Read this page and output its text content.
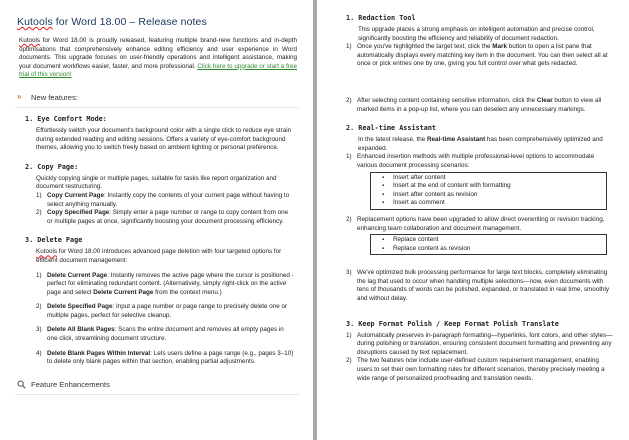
Kutools for Word 18.00 – Release notes

Kutools for Word 18.00 is proudly released, featuring multiple brand-new functions and in-depth optimisations that comprehensively enhance editing efficiency and user experience in Word documents. This upgrade focuses on user-friendly operations and intelligent assistance, making your document workflows easier, faster, and more professional. Click here to upgrade or start a free trial of this version!

»	New features:
1. Eye Comfort Mode:

Effortlessly switch your document's background color with a single click to reduce eye strain during extended reading and editing sessions. Offers a variety of eye-comfort background themes, allowing you to switch freely based on ambient lighting or personal preference.

2. Copy Page:

Quickly copying single or multiple pages, suitable for tasks like report organization and document restructuring.

1) Copy Current Page: Instantly copy the contents of your current page without having to select anything manually.
2) Copy Specified Page: Simply enter a page number or range to copy content from one or multiple pages at once, significantly boosting your document processing efficiency.
3. Delete Page

Kutools for Word 18.00 introduces advanced page deletion with four targeted options for efficient document management:

1) Delete Current Page: Instantly removes the active page where the cursor is positioned - perfect for eliminating redundant content. (Alternatively, simply right-click on the active page and select Delete Current Page from the context menu.)
2) Delete Specified Page: Input a page number or page range to precisely delete one or multiple pages, perfect for selective cleanup.
3) Delete All Blank Pages: Scans the entire document and removes all empty pages in one click, streamlining document structure.
4) Delete Blank Pages Within Interval: Lets users define a page range (e.g., pages 3–10) to delete only blank pages within that section, enabling partial adjustments.
Feature Enhancements
1. Redaction Tool

This upgrade places a strong emphasis on intelligent automation and precise control, significantly boosting the efficiency and reliability of document redaction.

1) Once you've highlighted the target text, click the Mark button to open a list pane that automatically displays every matching key item in the document. You can then select all at once or pick entries one by one, giving you full control over what gets redacted.
2) After selecting content containing sensitive information, click the Clear button to view all marked items in a pop-up list, where you can deselect any unnecessary markings.
2. Real-time Assistant

In the latest release, the Real-time Assistant has been comprehensively optimized and expanded.

1) Enhanced insertion methods with multiple professional-level options to accommodate various document processing scenarios:
▪ Insert after content
▪ Insert at the end of content with formatting
▪ Insert after content as revision
▪ Insert as comment
2) Replacement options have been upgraded to allow direct overwriting or revision tracking, enhancing team collaboration and document management.
▪ Replace content
▪ Replace content as revision
3) We've optimized bulk processing performance for large text blocks, completely eliminating the lag that used to occur when handling multiple selections—now, even documents with tens of thousands of words can be polished, expanded, or translated in real time, smoothly and without delay.
3. Keep Format Polish / Keep Format Polish Translate
1) Automatically preserves in-paragraph formatting—hyperlinks, font colors, and other styles—during polishing or translation, ensuring consistent document formatting and preventing any disruptions caused by text replacement.
2) The two features now include user-defined custom requirement management, enabling users to set their own formatting rules for different scenarios, thereby precisely meeting a wide range of personalized proofreading and translation needs.
